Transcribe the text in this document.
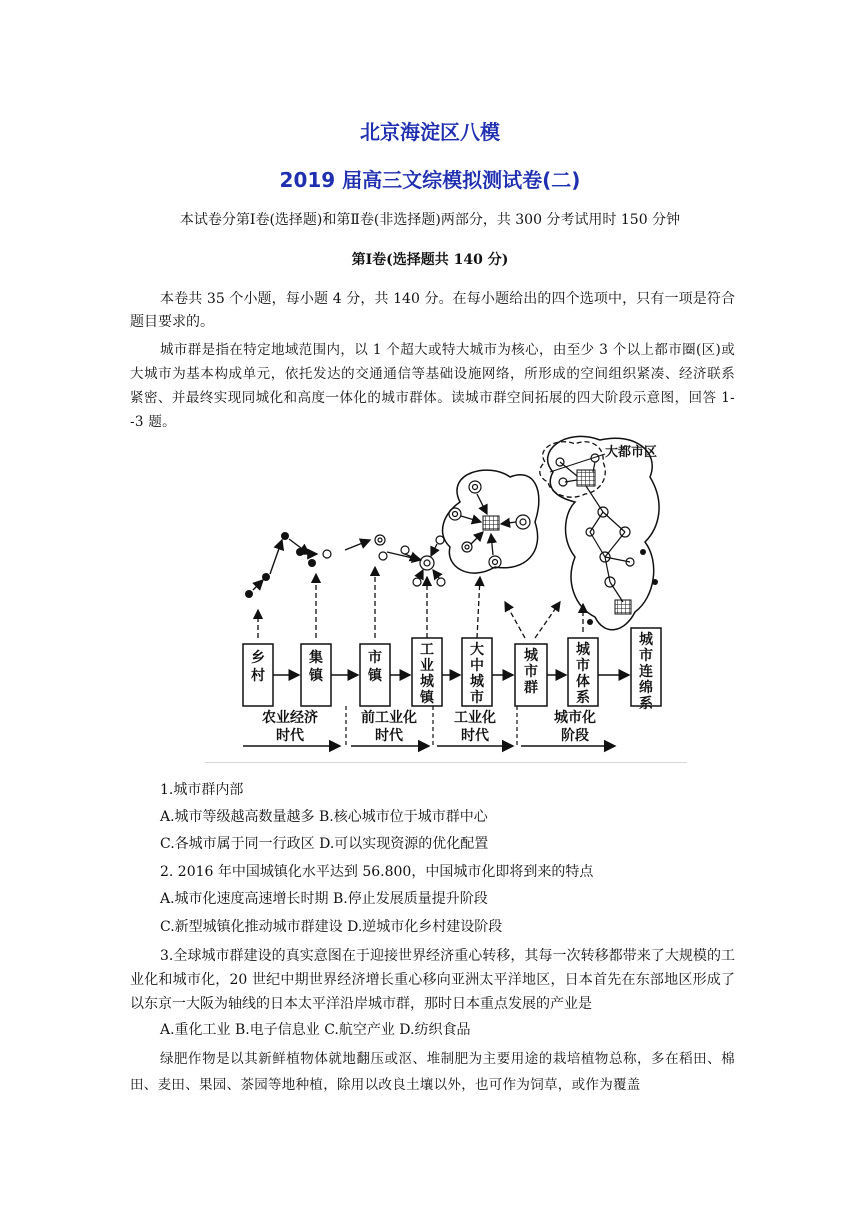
北京海淀区八模
2019 届高三文综模拟测试卷(二)
本试卷分第Ⅰ卷(选择题)和第Ⅱ卷(非选择题)两部分，共 300 分考试用时 150 分钟
第Ⅰ卷(选择题共 140 分)

本卷共 35 个小题，每小题 4 分，共 140 分。在每小题给出的四个选项中，只有一项是符合题目要求的。

城市群是指在特定地域范围内，以 1 个超大或特大城市为核心，由至少 3 个以上都市圈(区)或大城市为基本构成单元，依托发达的交通通信等基础设施网络，所形成的空间组织紧凑、经济联系紧密、并最终实现同城化和高度一体化的城市群体。读城市群空间拓展的四大阶段示意图，回答 1--3 题。

大都市区
乡村
集镇
市镇
工业城镇
大中城市
城市群
城市体系
城市连绵系
农业经济时代
前工业化时代
工业化时代
城市化阶段
1.城市群内部
A.城市等级越高数量越多 B.核心城市位于城市群中心
C.各城市属于同一行政区 D.可以实现资源的优化配置
2. 2016 年中国城镇化水平达到 56.800，中国城市化即将到来的特点
A.城市化速度高速增长时期 B.停止发展质量提升阶段
C.新型城镇化推动城市群建设 D.逆城市化乡村建设阶段

3.全球城市群建设的真实意图在于迎接世界经济重心转移，其每一次转移都带来了大规模的工业化和城市化，20 世纪中期世界经济增长重心移向亚洲太平洋地区，日本首先在东部地区形成了以东京一大阪为轴线的日本太平洋沿岸城市群，那时日本重点发展的产业是

A.重化工业 B.电子信息业 C.航空产业 D.纺织食品

绿肥作物是以其新鲜植物体就地翻压或沤、堆制肥为主要用途的栽培植物总称，多在稻田、棉田、麦田、果园、茶园等地种植，除用以改良土壤以外，也可作为饲草，或作为覆盖
